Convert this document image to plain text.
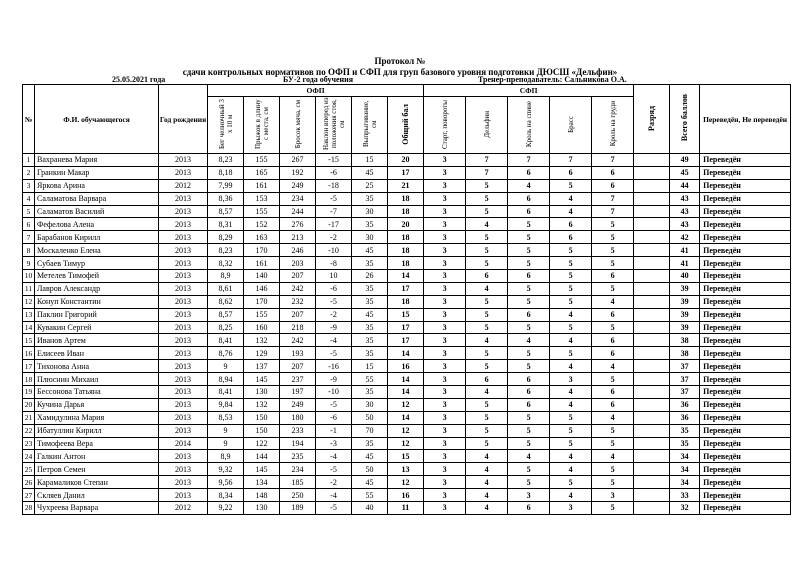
Протокол №
сдачи контрольных нормативов по ОФП и СФП для груп базового уровня подготовки ДЮСШ «Дельфин»
25.05.2021 года	БУ-2 года обучения	Тренер-преподаватель: Сальникова О.А.
№	Ф.И. обучающегося	Год рождения	ОФП						СФП					Разряд	Всего баллов	Переведён, Не переведён
			Бег челночный 3 х 10 м	Прыжок в длину с места, см	Бросок мяча, см	Наклон вперед из положения стоя, см	Выпрыгивание, см	Общий бал	Старт, повороты	Дельфин	Кроль на спине	Брасс	Кроль на груди			
1	Вахранева Мария	2013	8,23	155	267	-15	15	20	3	7	7	7	7		49	Переведён
2	Гранкин Макар	2013	8,18	165	192	-6	45	17	3	7	6	6	6		45	Переведён
3	Яркова Арина	2012	7,99	161	249	-18	25	21	3	5	4	5	6		44	Переведён
4	Саламатова Варвара	2013	8,36	153	234	-5	35	18	3	5	6	4	7		43	Переведён
5	Саламатов Василий	2013	8,57	155	244	-7	30	18	3	5	6	4	7		43	Переведён
6	Фефелова Алена	2013	8,31	152	276	-17	35	20	3	4	5	6	5		43	Переведён
7	Барабанов Кирилл	2013	8,29	163	213	-2	30	18	3	5	5	6	5		42	Переведён
8	Москаленко Елена	2013	8,23	170	246	-10	45	18	3	5	5	5	5		41	Переведён
9	Субаев Тимур	2013	8,32	161	203	-8	35	18	3	5	5	5	5		41	Переведён
10	Метелев Тимофей	2013	8,9	140	207	10	26	14	3	6	6	5	6		40	Переведён
11	Лавров Александр	2013	8,61	146	242	-6	35	17	3	4	5	5	5		39	Переведён
12	Конуп Константин	2013	8,62	170	232	-5	35	18	3	5	5	5	4		39	Переведён
13	Паклин Григорий	2013	8,57	155	207	-2	45	15	3	5	6	4	6		39	Переведён
14	Кувакин Сергей	2013	8,25	160	218	-9	35	17	3	5	5	5	5		39	Переведён
15	Иванов Артем	2013	8,41	132	242	-4	35	17	3	4	4	4	6		38	Переведён
16	Елисеев Иван	2013	8,76	129	193	-5	35	14	3	5	5	5	6		38	Переведён
17	Тихонова Анна	2013	9	137	207	-16	15	16	3	5	5	4	4		37	Переведён
18	Плюснин Михаил	2013	8,94	145	237	-9	55	14	3	6	6	3	5		37	Переведён
19	Бессонова Татьяна	2013	8,41	130	197	-10	35	14	3	4	6	4	6		37	Переведён
20	Кучина Дарья	2013	9,84	132	249	-5	30	12	3	5	6	4	6		36	Переведён
21	Хамидулина Мария	2013	8,53	150	180	-6	50	14	3	5	5	5	4		36	Переведён
22	Ибатуллин Кирилл	2013	9	150	233	-1	70	12	3	5	5	5	5		35	Переведён
23	Тимофеева Вера	2014	9	122	194	-3	35	12	3	5	5	5	5		35	Переведён
24	Галкин Антон	2013	8,9	144	235	-4	45	15	3	4	4	4	4		34	Переведён
25	Петров Семен	2013	9,32	145	234	-5	50	13	3	4	5	4	5		34	Переведён
26	Карамаликов Степан	2013	9,56	134	185	-2	45	12	3	4	5	5	5		34	Переведён
27	Скляев Данил	2013	8,34	148	250	-4	55	16	3	4	3	4	3		33	Переведён
28	Чухреева Варвара	2012	9,22	130	189	-5	40	11	3	4	6	3	5		32	Переведён
